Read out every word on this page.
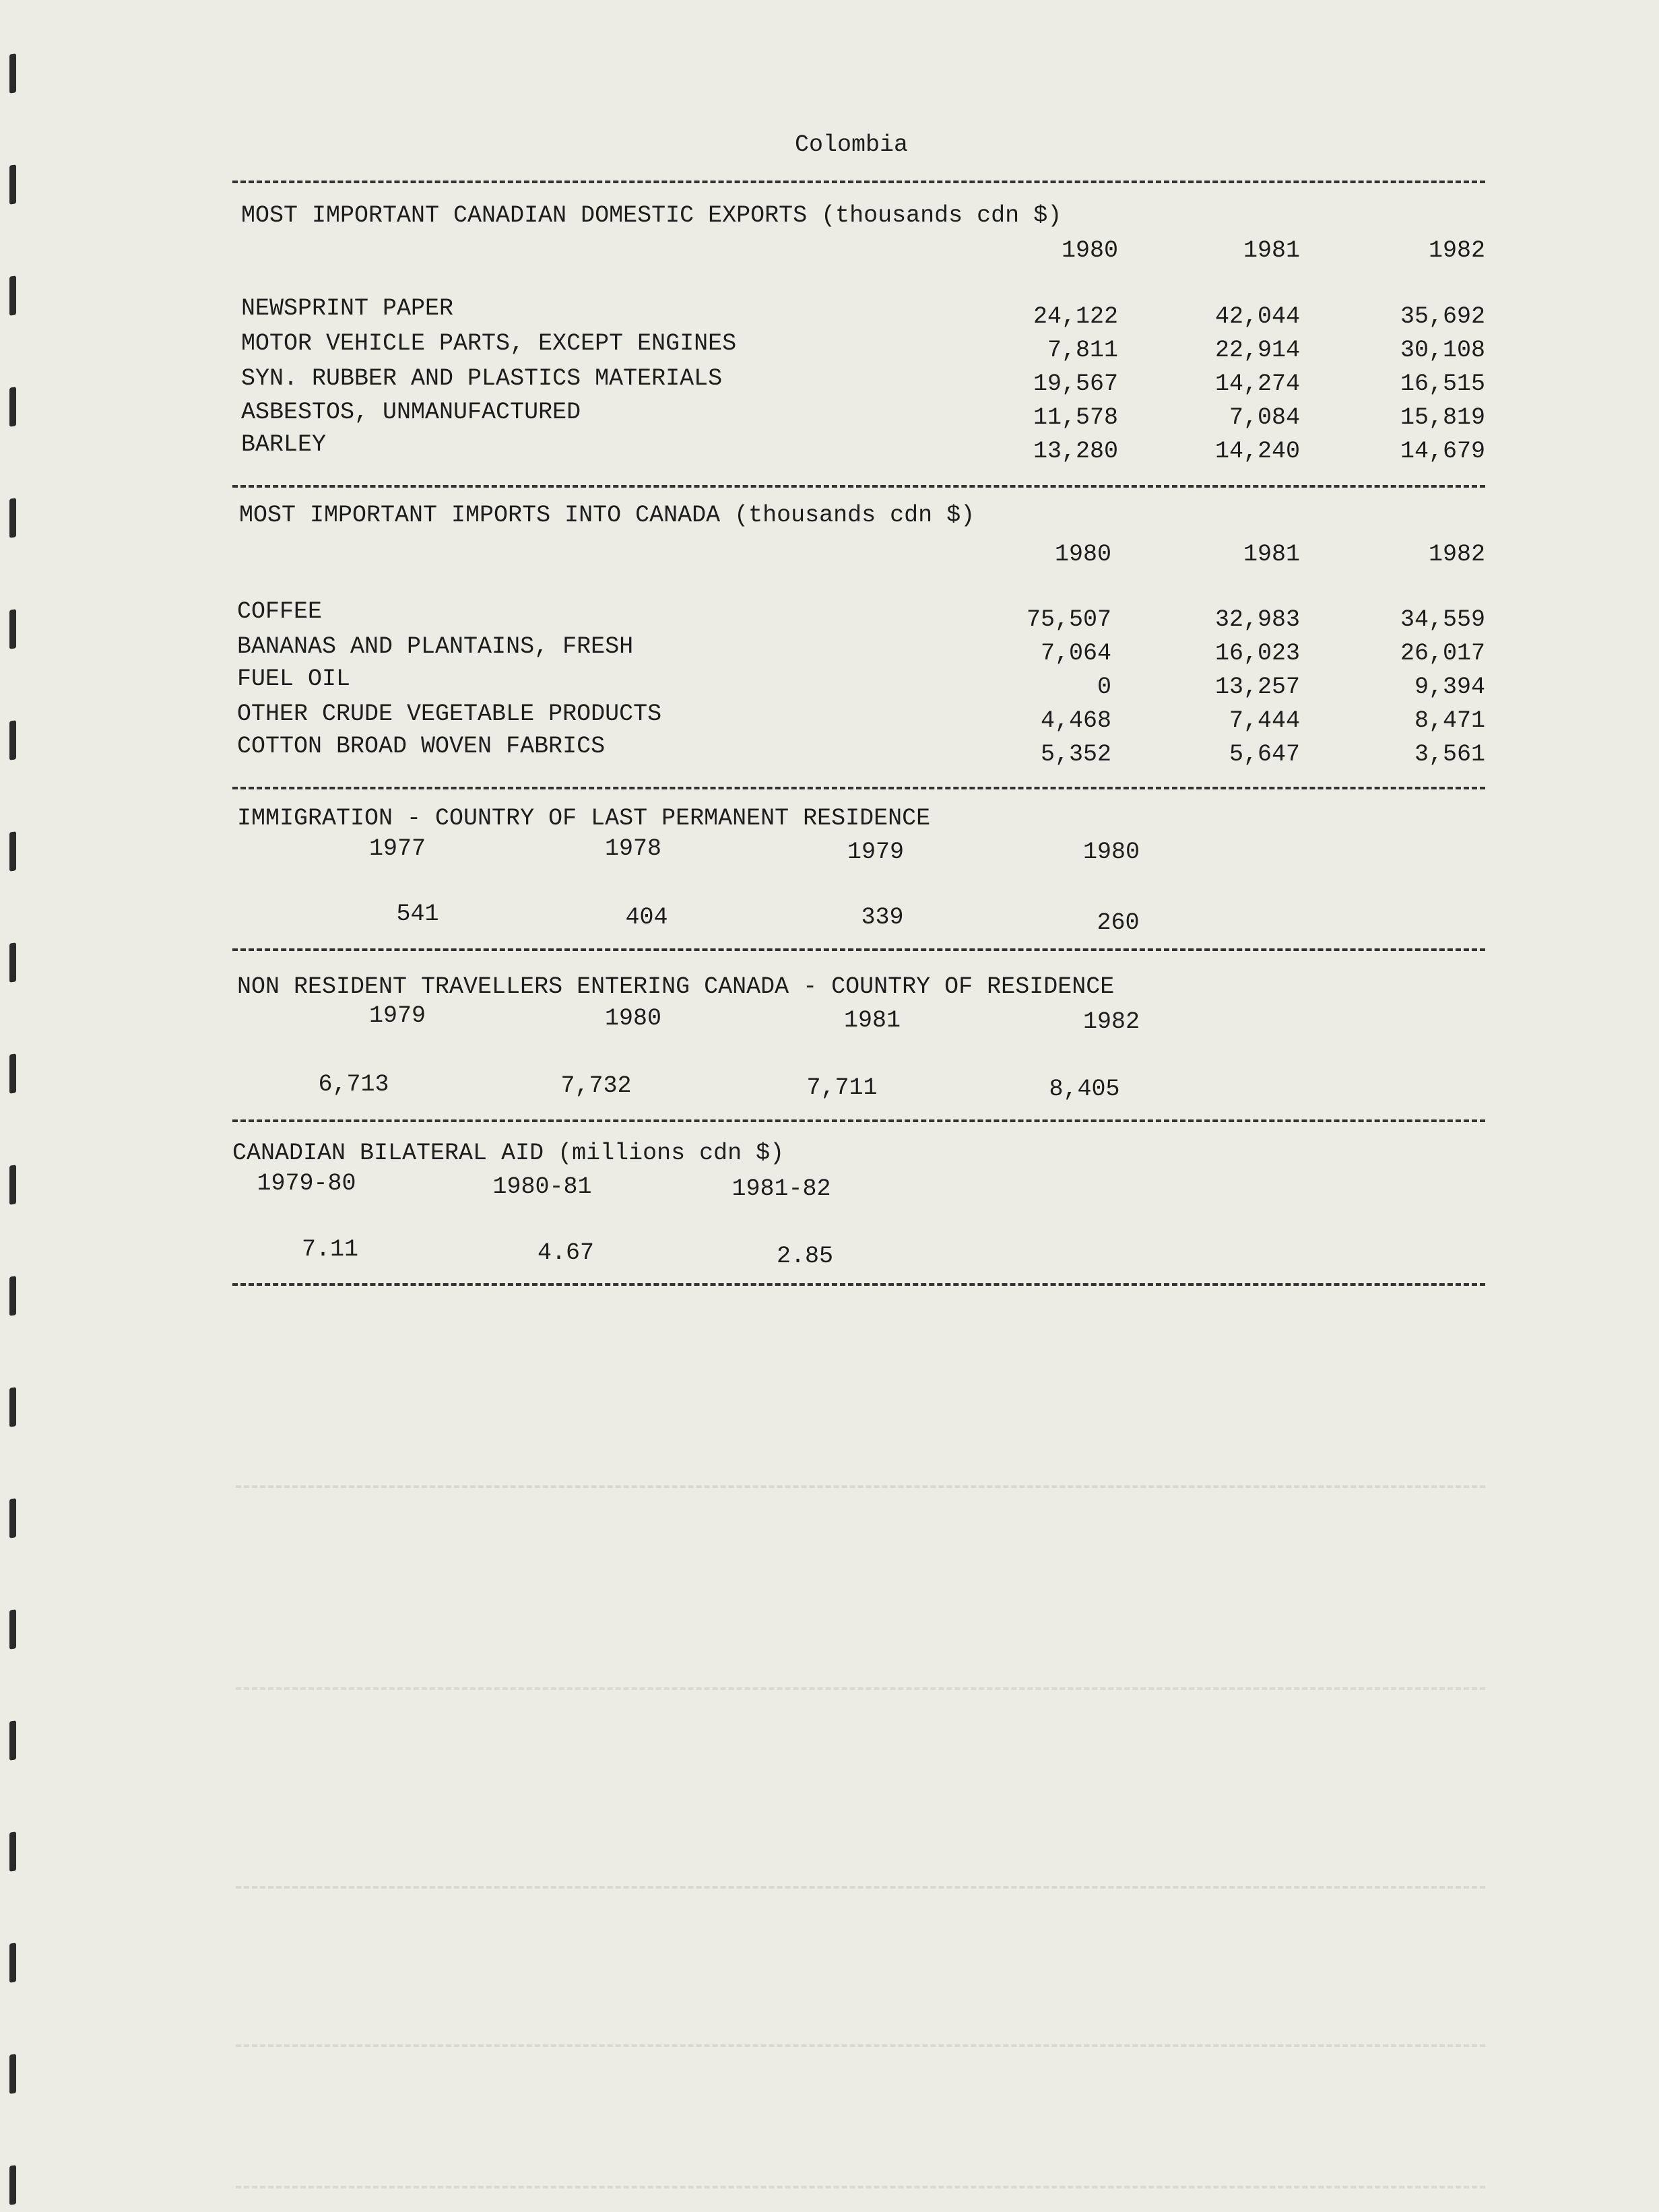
Colombia
MOST IMPORTANT CANADIAN DOMESTIC EXPORTS (thousands cdn $)
1980	1981	1982
NEWSPRINT PAPER	24,122	42,044	35,692
MOTOR VEHICLE PARTS, EXCEPT ENGINES	7,811	22,914	30,108
SYN. RUBBER AND PLASTICS MATERIALS	19,567	14,274	16,515
ASBESTOS, UNMANUFACTURED	11,578	7,084	15,819
BARLEY	13,280	14,240	14,679
MOST IMPORTANT IMPORTS INTO CANADA (thousands cdn $)
1980	1981	1982
COFFEE	75,507	32,983	34,559
BANANAS AND PLANTAINS, FRESH	7,064	16,023	26,017
FUEL OIL	0	13,257	9,394
OTHER CRUDE VEGETABLE PRODUCTS	4,468	7,444	8,471
COTTON BROAD WOVEN FABRICS	5,352	5,647	3,561
IMMIGRATION - COUNTRY OF LAST PERMANENT RESIDENCE
1977	1978	1979	1980
541	404	339	260
NON RESIDENT TRAVELLERS ENTERING CANADA - COUNTRY OF RESIDENCE
1979	1980	1981	1982
6,713	7,732	7,711	8,405
CANADIAN BILATERAL AID (millions cdn $)
1979-80	1980-81	1981-82
7.11	4.67	2.85
